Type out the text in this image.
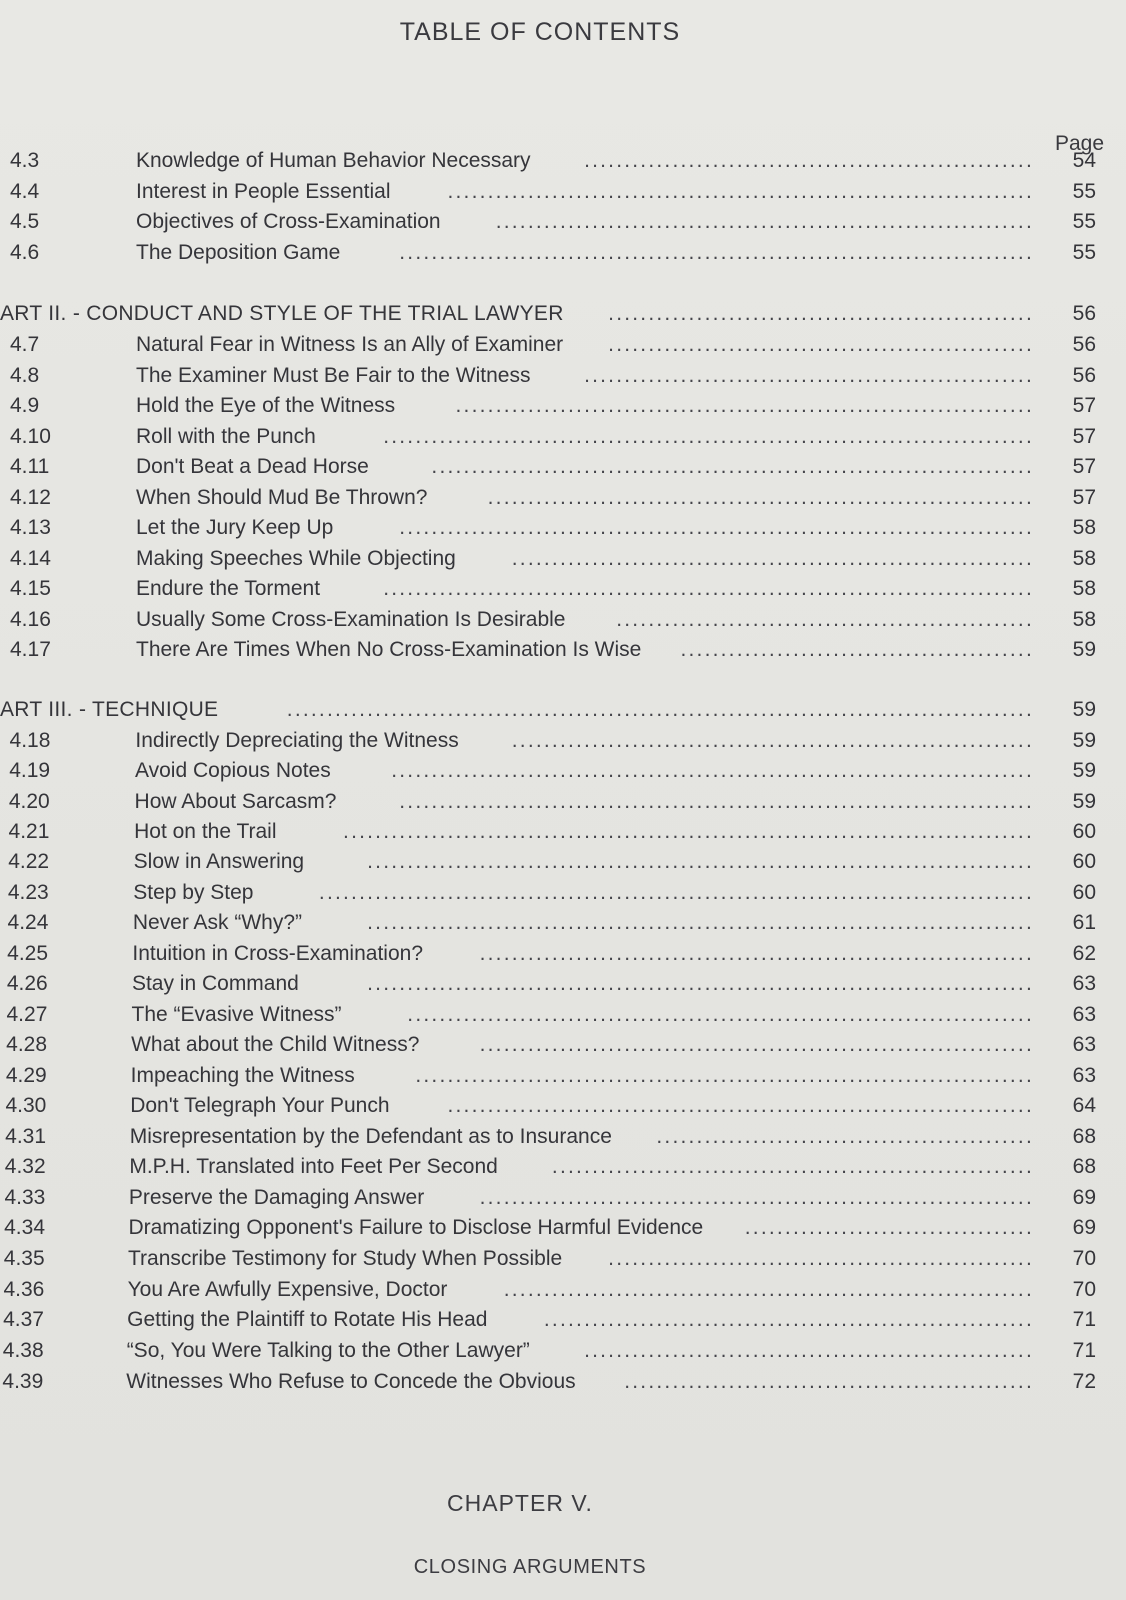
TABLE OF CONTENTS
Page
4.3	Knowledge of Human Behavior Necessary	........................................................	54
4.4	Interest in People Essential	.........................................................................	55
4.5	Objectives of Cross-Examination	...................................................................	55
4.6	The Deposition Game	...............................................................................	55
ART II. - CONDUCT AND STYLE OF THE TRIAL LAWYER	.....................................................	56
4.7	Natural Fear in Witness Is an Ally of Examiner	.....................................................	56
4.8	The Examiner Must Be Fair to the Witness	........................................................	56
4.9	Hold the Eye of the Witness	........................................................................	57
4.10	Roll with the Punch	.................................................................................	57
4.11	Don't Beat a Dead Horse	...........................................................................	57
4.12	When Should Mud Be Thrown?	....................................................................	57
4.13	Let the Jury Keep Up	...............................................................................	58
4.14	Making Speeches While Objecting	.................................................................	58
4.15	Endure the Torment	.................................................................................	58
4.16	Usually Some Cross-Examination Is Desirable	....................................................	58
4.17	There Are Times When No Cross-Examination Is Wise	............................................	59
ART III. - TECHNIQUE	.............................................................................................	59
4.18	Indirectly Depreciating the Witness	.................................................................	59
4.19	Avoid Copious Notes	................................................................................	59
4.20	How About Sarcasm?	...............................................................................	59
4.21	Hot on the Trail	......................................................................................	60
4.22	Slow in Answering	...................................................................................	60
4.23	Step by Step	.........................................................................................	60
4.24	Never Ask “Why?”	...................................................................................	61
4.25	Intuition in Cross-Examination?	.....................................................................	62
4.26	Stay in Command	...................................................................................	63
4.27	The “Evasive Witness”	..............................................................................	63
4.28	What about the Child Witness?	.....................................................................	63
4.29	Impeaching the Witness	.............................................................................	63
4.30	Don't Telegraph Your Punch	.........................................................................	64
4.31	Misrepresentation by the Defendant as to Insurance	...............................................	68
4.32	M.P.H. Translated into Feet Per Second	............................................................	68
4.33	Preserve the Damaging Answer	.....................................................................	69
4.34	Dramatizing Opponent's Failure to Disclose Harmful Evidence	....................................	69
4.35	Transcribe Testimony for Study When Possible	.....................................................	70
4.36	You Are Awfully Expensive, Doctor	..................................................................	70
4.37	Getting the Plaintiff to Rotate His Head	.............................................................	71
4.38	“So, You Were Talking to the Other Lawyer”	........................................................	71
4.39	Witnesses Who Refuse to Concede the Obvious	...................................................	72
CHAPTER V.
CLOSING ARGUMENTS
